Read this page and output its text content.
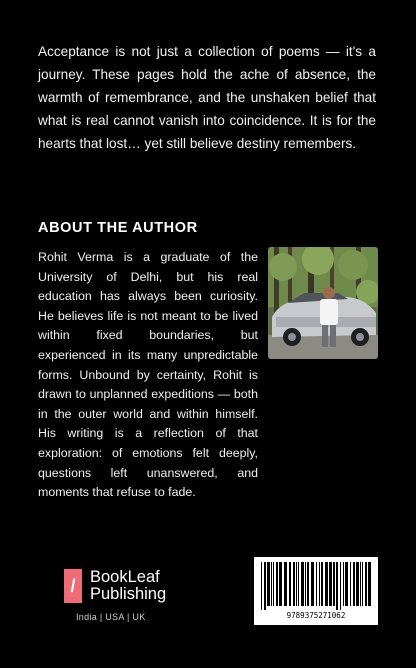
Acceptance is not just a collection of poems — it's a journey. These pages hold the ache of absence, the warmth of remembrance, and the unshaken belief that what is real cannot vanish into coincidence. It is for the hearts that lost… yet still believe destiny remembers.

ABOUT THE AUTHOR

Rohit Verma is a graduate of the University of Delhi, but his real education has always been curiosity. He believes life is not meant to be lived within fixed boundaries, but experienced in its many unpredictable forms. Unbound by certainty, Rohit is drawn to unplanned expeditions — both in the outer world and within himself. His writing is a reflection of that exploration: of emotions felt deeply, questions left unanswered, and moments that refuse to fade.

/ BookLeaf
Publishing
India | USA | UK	9789375271062
